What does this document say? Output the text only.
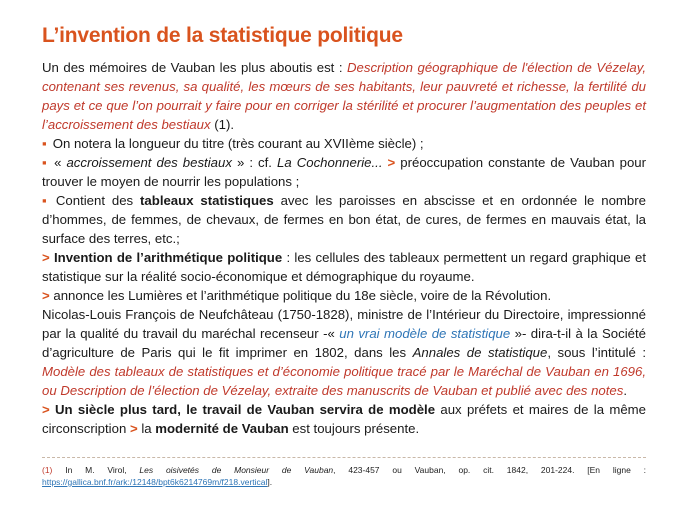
L’invention de la statistique politique

Un des mémoires de Vauban les plus aboutis est : Description géographique de l'élection de Vézelay, contenant ses revenus, sa qualité, les mœurs de ses habitants, leur pauvreté et richesse, la fertilité du pays et ce que l’on pourrait y faire pour en corriger la stérilité et procurer l’augmentation des peuples et l’accroissement des bestiaux (1).

▪ On notera la longueur du titre (très courant au XVIIème siècle) ;

▪ « accroissement des bestiaux » : cf. La Cochonnerie... > préoccupation constante de Vauban pour trouver le moyen de nourrir les populations ;

▪ Contient des tableaux statistiques avec les paroisses en abscisse et en ordonnée le nombre d’hommes, de femmes, de chevaux, de fermes en bon état, de cures, de fermes en mauvais état, la surface des terres, etc.;

> Invention de l’arithmétique politique : les cellules des tableaux permettent un regard graphique et statistique sur la réalité socio-économique et démographique du royaume.

> annonce les Lumières et l’arithmétique politique du 18e siècle, voire de la Révolution.

Nicolas-Louis François de Neufchâteau (1750-1828), ministre de l’Intérieur du Directoire, impressionné par la qualité du travail du maréchal recenseur -« un vrai modèle de statistique »- dira-t-il à la Société d’agriculture de Paris qui le fit imprimer en 1802, dans les Annales de statistique, sous l’intitulé : Modèle des tableaux de statistiques et d’économie politique tracé par le Maréchal de Vauban en 1696, ou Description de l’élection de Vézelay, extraite des manuscrits de Vauban et publié avec des notes.

> Un siècle plus tard, le travail de Vauban servira de modèle aux préfets et maires de la même circonscription > la modernité de Vauban est toujours présente.

(1) In M. Virol, Les oisivetés de Monsieur de Vauban, 423-457 ou Vauban, op. cit. 1842, 201-224. [En ligne : https://gallica.bnf.fr/ark:/12148/bpt6k6214769m/f218.vertical].
